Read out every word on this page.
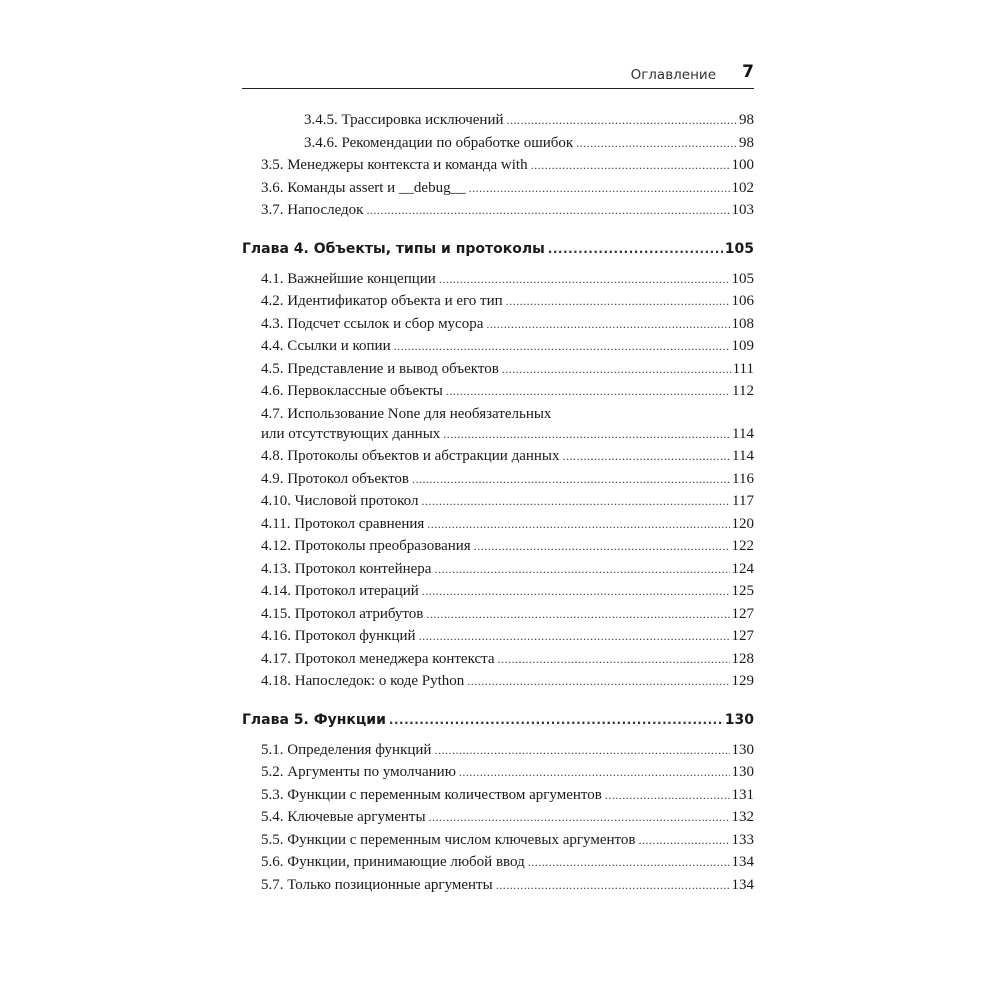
Оглавление 7
3.4.5. Трассировка исключений .....	98
3.4.6. Рекомендации по обработке ошибок .....	98
3.5. Менеджеры контекста и команда with .....	100
3.6. Команды assert и __debug__ .....	102
3.7. Напоследок .....	103
Глава 4. Объекты, типы и протоколы .....	105
4.1. Важнейшие концепции .....	105
4.2. Идентификатор объекта и его тип .....	106
4.3. Подсчет ссылок и сбор мусора .....	108
4.4. Ссылки и копии .....	109
4.5. Представление и вывод объектов .....	111
4.6. Первоклассные объекты .....	112
4.7. Использование None для необязательных
или отсутствующих данных .....	114
4.8. Протоколы объектов и абстракции данных .....	114
4.9. Протокол объектов .....	116
4.10. Числовой протокол .....	117
4.11. Протокол сравнения .....	120
4.12. Протоколы преобразования .....	122
4.13. Протокол контейнера .....	124
4.14. Протокол итераций .....	125
4.15. Протокол атрибутов .....	127
4.16. Протокол функций .....	127
4.17. Протокол менеджера контекста .....	128
4.18. Напоследок: о коде Python .....	129
Глава 5. Функции .....	130
5.1. Определения функций .....	130
5.2. Аргументы по умолчанию .....	130
5.3. Функции с переменным количеством аргументов .....	131
5.4. Ключевые аргументы .....	132
5.5. Функции с переменным числом ключевых аргументов .....	133
5.6. Функции, принимающие любой ввод .....	134
5.7. Только позиционные аргументы .....	134
